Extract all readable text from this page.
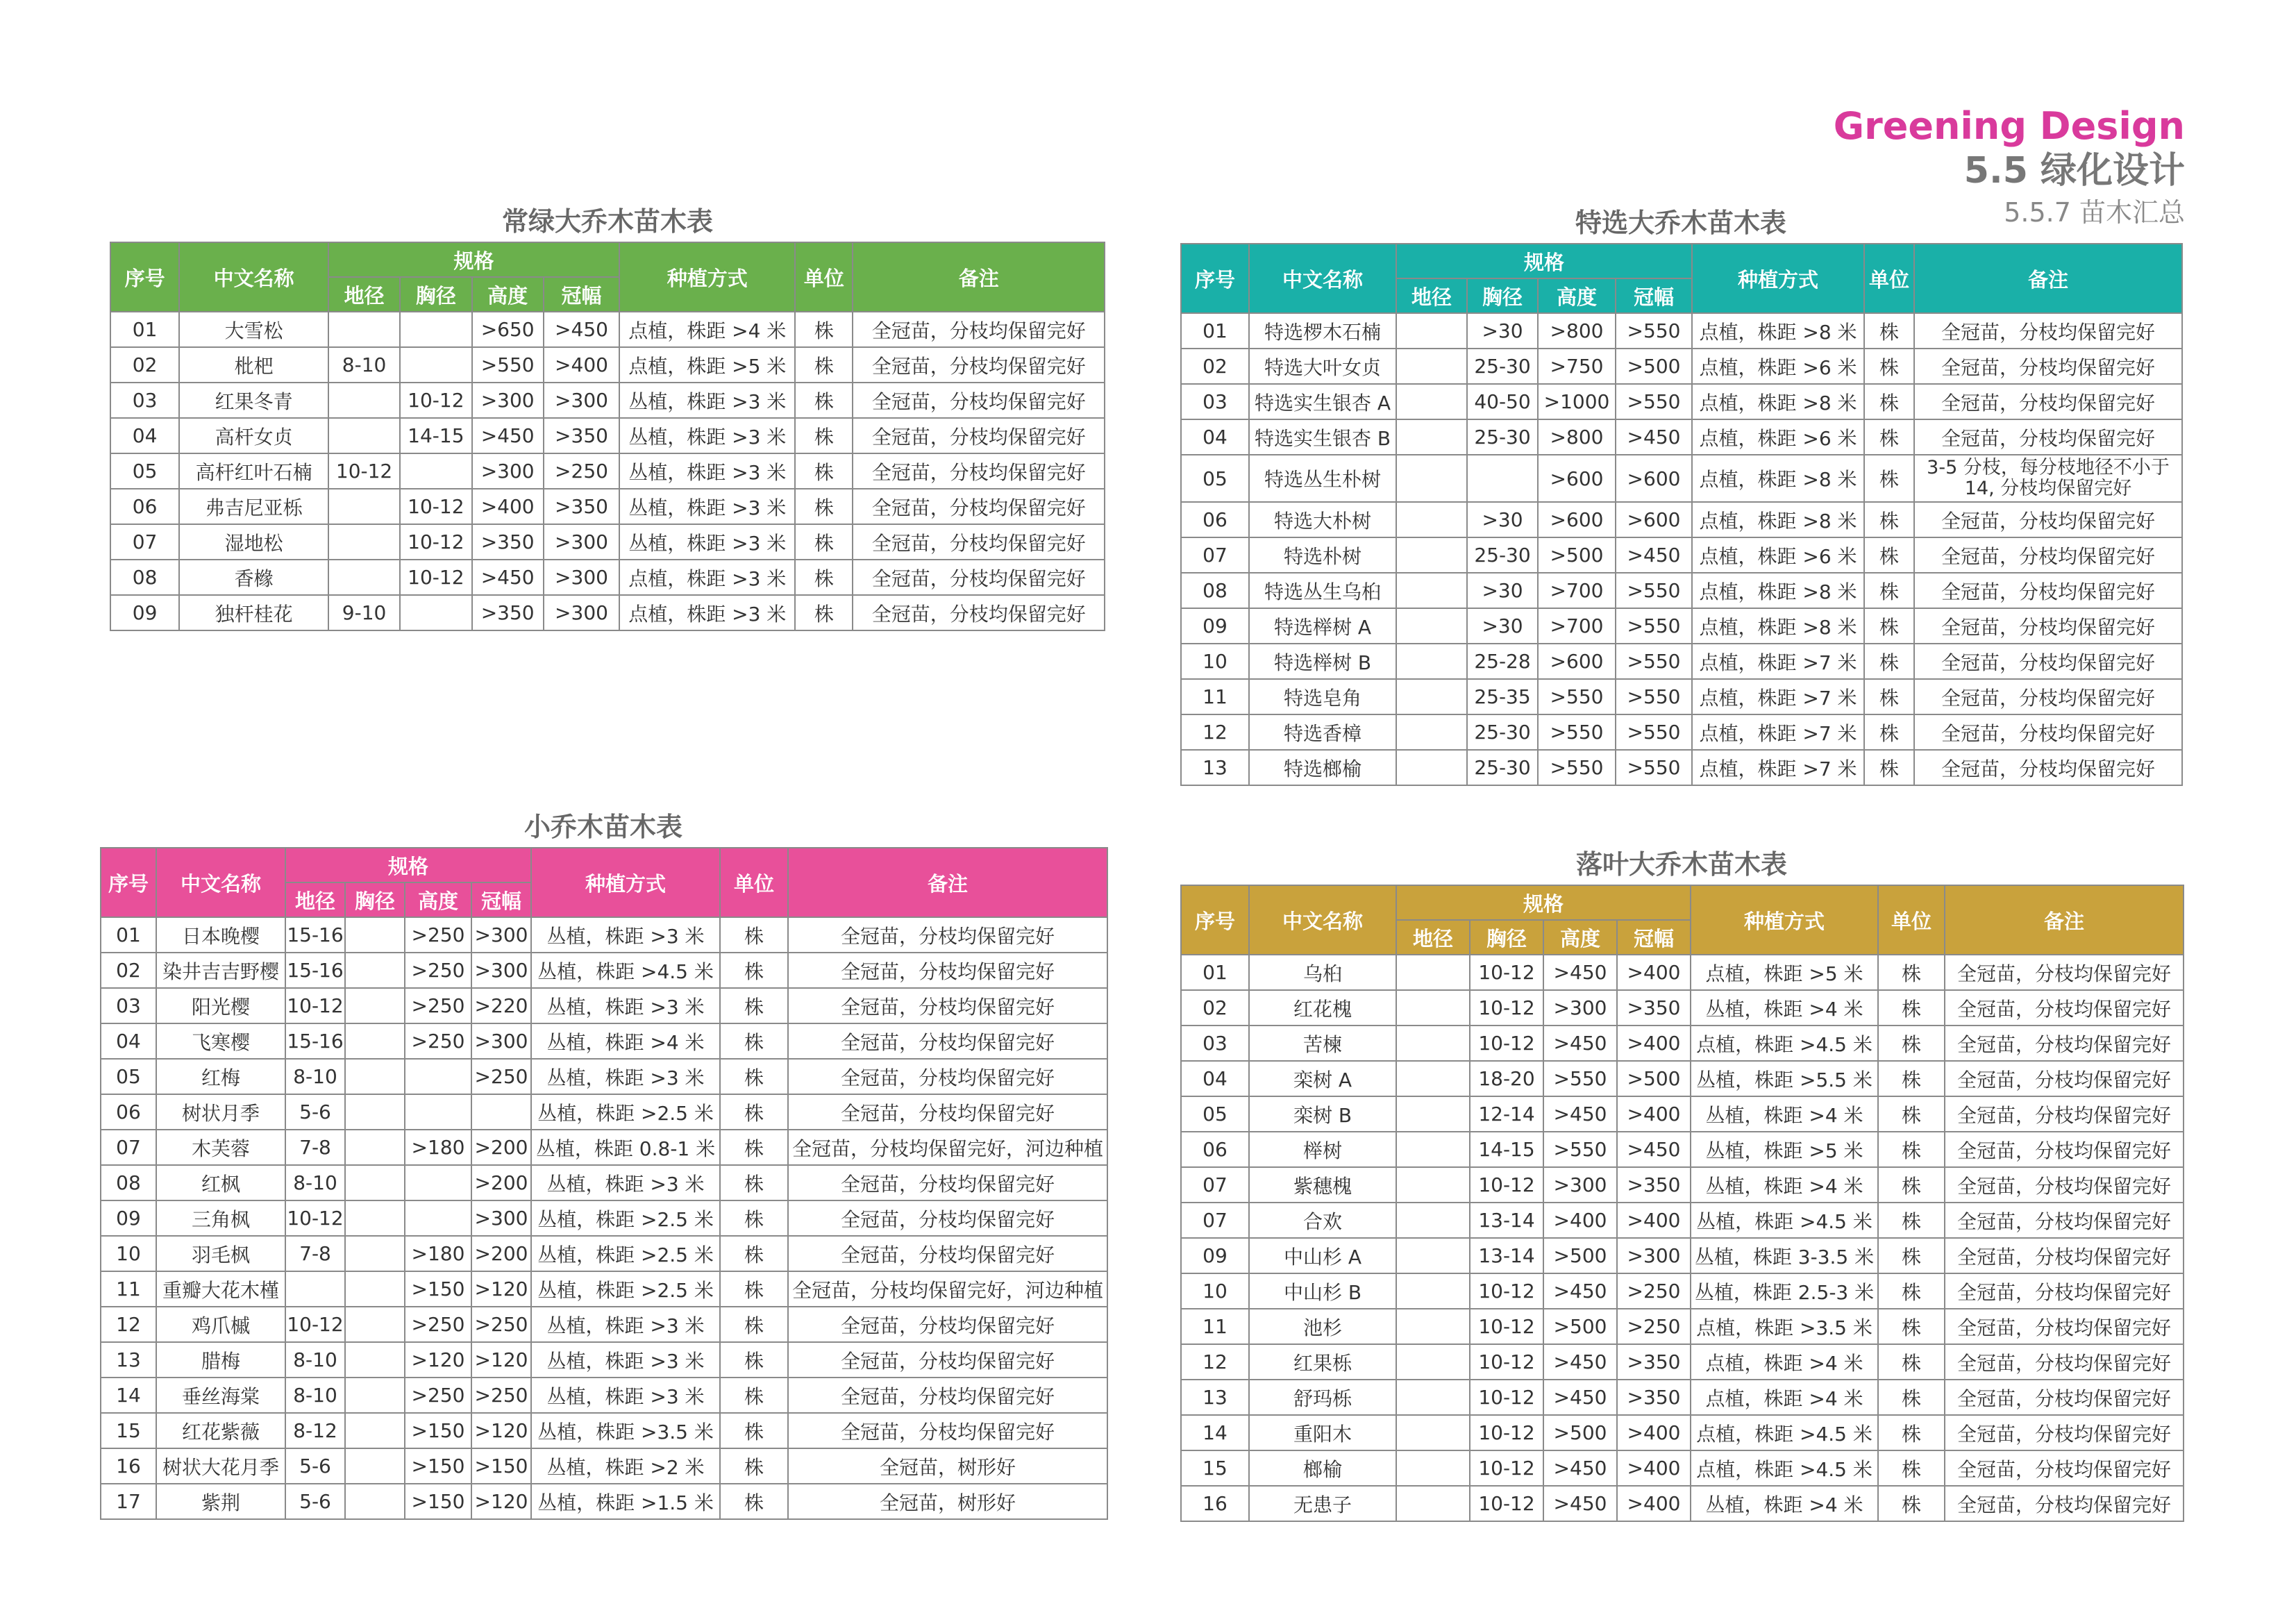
Greening Design
5.5 绿化设计
5.5.7 苗木汇总
常绿大乔木苗木表
序号	中文名称	规格				种植方式	单位	备注
		地径	胸径	高度	冠幅			
01	大雪松			>650	>450	点植，株距 >4 米	株	全冠苗，分枝均保留完好
02	枇杷	8-10		>550	>400	点植，株距 >5 米	株	全冠苗，分枝均保留完好
03	红果冬青		10-12	>300	>300	丛植，株距 >3 米	株	全冠苗，分枝均保留完好
04	高杆女贞		14-15	>450	>350	丛植，株距 >3 米	株	全冠苗，分枝均保留完好
05	高杆红叶石楠	10-12		>300	>250	丛植，株距 >3 米	株	全冠苗，分枝均保留完好
06	弗吉尼亚栎		10-12	>400	>350	丛植，株距 >3 米	株	全冠苗，分枝均保留完好
07	湿地松		10-12	>350	>300	丛植，株距 >3 米	株	全冠苗，分枝均保留完好
08	香橼		10-12	>450	>300	点植，株距 >3 米	株	全冠苗，分枝均保留完好
09	独杆桂花	9-10		>350	>300	点植，株距 >3 米	株	全冠苗，分枝均保留完好
特选大乔木苗木表
序号	中文名称	规格				种植方式	单位	备注
		地径	胸径	高度	冠幅			
01	特选椤木石楠		>30	>800	>550	点植，株距 >8 米	株	全冠苗，分枝均保留完好
02	特选大叶女贞		25-30	>750	>500	点植，株距 >6 米	株	全冠苗，分枝均保留完好
03	特选实生银杏 A		40-50	>1000	>550	点植，株距 >8 米	株	全冠苗，分枝均保留完好
04	特选实生银杏 B		25-30	>800	>450	点植，株距 >6 米	株	全冠苗，分枝均保留完好
05	特选丛生朴树			>600	>600	点植，株距 >8 米	株	3-5 分枝，每分枝地径不小于 14, 分枝均保留完好
06	特选大朴树		>30	>600	>600	点植，株距 >8 米	株	全冠苗，分枝均保留完好
07	特选朴树		25-30	>500	>450	点植，株距 >6 米	株	全冠苗，分枝均保留完好
08	特选丛生乌桕		>30	>700	>550	点植，株距 >8 米	株	全冠苗，分枝均保留完好
09	特选榉树 A		>30	>700	>550	点植，株距 >8 米	株	全冠苗，分枝均保留完好
10	特选榉树 B		25-28	>600	>550	点植，株距 >7 米	株	全冠苗，分枝均保留完好
11	特选皂角		25-35	>550	>550	点植，株距 >7 米	株	全冠苗，分枝均保留完好
12	特选香樟		25-30	>550	>550	点植，株距 >7 米	株	全冠苗，分枝均保留完好
13	特选榔榆		25-30	>550	>550	点植，株距 >7 米	株	全冠苗，分枝均保留完好
小乔木苗木表
序号	中文名称	规格				种植方式	单位	备注
		地径	胸径	高度	冠幅			
01	日本晚樱	15-16		>250	>300	丛植，株距 >3 米	株	全冠苗，分枝均保留完好
02	染井吉吉野樱	15-16		>250	>300	丛植，株距 >4.5 米	株	全冠苗，分枝均保留完好
03	阳光樱	10-12		>250	>220	丛植，株距 >3 米	株	全冠苗，分枝均保留完好
04	飞寒樱	15-16		>250	>300	丛植，株距 >4 米	株	全冠苗，分枝均保留完好
05	红梅	8-10			>250	丛植，株距 >3 米	株	全冠苗，分枝均保留完好
06	树状月季	5-6				丛植，株距 >2.5 米	株	全冠苗，分枝均保留完好
07	木芙蓉	7-8		>180	>200	丛植，株距 0.8-1 米	株	全冠苗，分枝均保留完好，河边种植
08	红枫	8-10			>200	丛植，株距 >3 米	株	全冠苗，分枝均保留完好
09	三角枫	10-12			>300	丛植，株距 >2.5 米	株	全冠苗，分枝均保留完好
10	羽毛枫	7-8		>180	>200	丛植，株距 >2.5 米	株	全冠苗，分枝均保留完好
11	重瓣大花木槿			>150	>120	丛植，株距 >2.5 米	株	全冠苗，分枝均保留完好，河边种植
12	鸡爪槭	10-12		>250	>250	丛植，株距 >3 米	株	全冠苗，分枝均保留完好
13	腊梅	8-10		>120	>120	丛植，株距 >3 米	株	全冠苗，分枝均保留完好
14	垂丝海棠	8-10		>250	>250	丛植，株距 >3 米	株	全冠苗，分枝均保留完好
15	红花紫薇	8-12		>150	>120	丛植，株距 >3.5 米	株	全冠苗，分枝均保留完好
16	树状大花月季	5-6		>150	>150	丛植，株距 >2 米	株	全冠苗，树形好
17	紫荆	5-6		>150	>120	丛植，株距 >1.5 米	株	全冠苗，树形好
落叶大乔木苗木表
序号	中文名称	规格				种植方式	单位	备注
		地径	胸径	高度	冠幅			
01	乌桕		10-12	>450	>400	点植，株距 >5 米	株	全冠苗，分枝均保留完好
02	红花槐		10-12	>300	>350	丛植，株距 >4 米	株	全冠苗，分枝均保留完好
03	苦楝		10-12	>450	>400	点植，株距 >4.5 米	株	全冠苗，分枝均保留完好
04	栾树 A		18-20	>550	>500	丛植，株距 >5.5 米	株	全冠苗，分枝均保留完好
05	栾树 B		12-14	>450	>400	丛植，株距 >4 米	株	全冠苗，分枝均保留完好
06	榉树		14-15	>550	>450	丛植，株距 >5 米	株	全冠苗，分枝均保留完好
07	紫穗槐		10-12	>300	>350	丛植，株距 >4 米	株	全冠苗，分枝均保留完好
07	合欢		13-14	>400	>400	丛植，株距 >4.5 米	株	全冠苗，分枝均保留完好
09	中山杉 A		13-14	>500	>300	丛植，株距 3-3.5 米	株	全冠苗，分枝均保留完好
10	中山杉 B		10-12	>450	>250	丛植，株距 2.5-3 米	株	全冠苗，分枝均保留完好
11	池杉		10-12	>500	>250	点植，株距 >3.5 米	株	全冠苗，分枝均保留完好
12	红果栎		10-12	>450	>350	点植，株距 >4 米	株	全冠苗，分枝均保留完好
13	舒玛栎		10-12	>450	>350	点植，株距 >4 米	株	全冠苗，分枝均保留完好
14	重阳木		10-12	>500	>400	点植，株距 >4.5 米	株	全冠苗，分枝均保留完好
15	榔榆		10-12	>450	>400	点植，株距 >4.5 米	株	全冠苗，分枝均保留完好
16	无患子		10-12	>450	>400	丛植，株距 >4 米	株	全冠苗，分枝均保留完好
